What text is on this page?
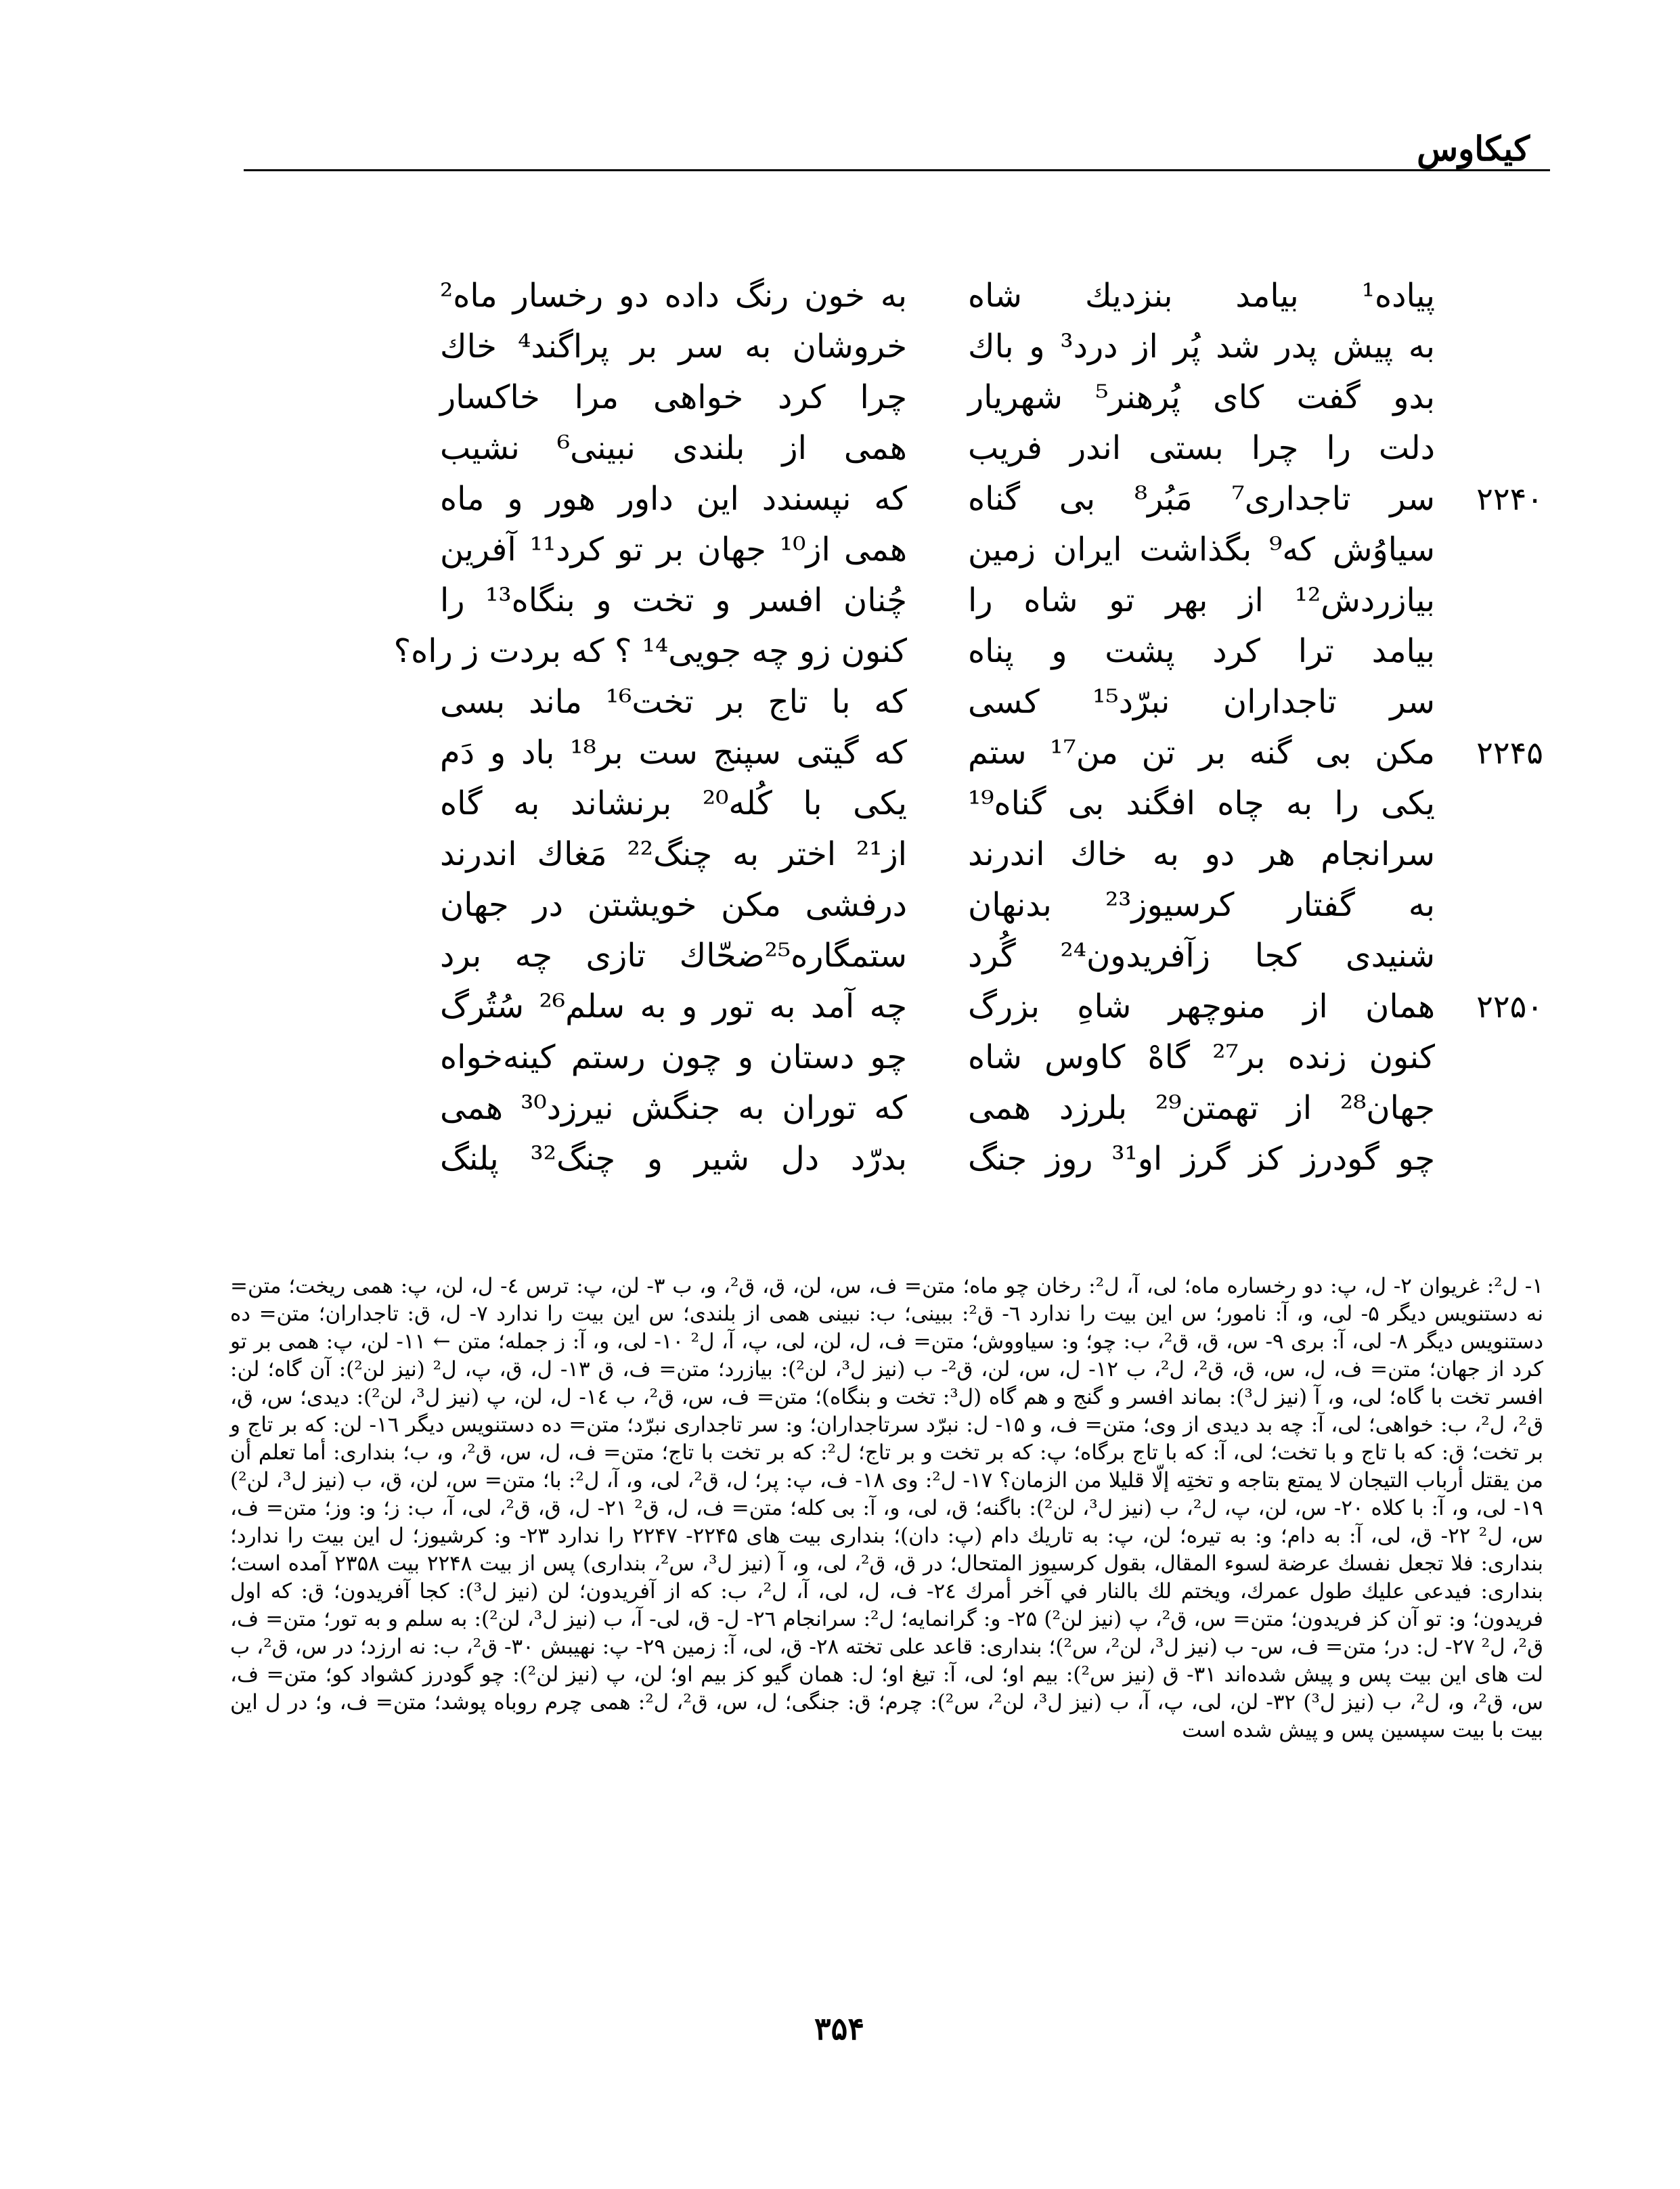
کیکاوس
پیاده¹ بیامد بنزدیك شاه
به خون رنگ داده دو رخسار ماه²
به پیش پدر شد پُر از درد³ و باك
خروشان به سر بر پراگند⁴ خاك
بدو گفت کای پُرهنر⁵ شهریار
چرا کرد خواهی مرا خاکسار
دلت را چرا بستی اندر فریب
همی از بلندی نبینی⁶ نشیب
۲۲۴۰
سر تاجداری⁷ مَبُر⁸ بی گناه
که نپسندد این داور هور و ماه
سیاوُش که⁹ بگذاشت ایران زمین
همی از¹⁰ جهان بر تو کرد¹¹ آفرین
بیازردش¹² از بهر تو شاه را
چُنان افسر و تخت و بنگاه¹³ را
بیامد ترا کرد پشت و پناه
کنون زو چه جویی¹⁴ ؟ که بردت ز راه؟
سر تاجداران نبرّد¹⁵ کسی
که با تاج بر تخت¹⁶ ماند بسی
۲۲۴۵
مکن بی گنه بر تن من¹⁷ ستم
که گیتی سپنج ست بر¹⁸ باد و دَم
یکی را به چاه افگند بی گناه¹⁹
یکی با کُله²⁰ برنشاند به گاه
سرانجام هر دو به خاك اندرند
از²¹ اختر به چنگ²² مَغاك اندرند
به گفتار کرسیوز²³ بدنهان
درفشی مکن خویشتن در جهان
شنیدی کجا زآفریدون²⁴ گُرد
ستمگاره²⁵ضحّاك تازی چه برد
۲۲۵۰
همان از منوچهر شاهِ بزرگ
چه آمد به تور و به سلم²⁶ سُتُرگ
کنون زنده بر²⁷ گاهْ کاوس شاه
چو دستان و چون رستم کینه‌خواه
جهان²⁸ از تهمتن²⁹ بلرزد همی
که توران به جنگش نیرزد³⁰ همی
چو گودرز کز گرز او³¹ روز جنگ
بدرّد دل شیر و چنگ³² پلنگ
۱- ل²: غریوان ۲- ل، پ: دو رخساره ماه؛ لی، آ، ل²: رخان چو ماه؛ متن= ف، س، لن، ق، ق²، و، ب ۳- لن، پ: ترس ٤- ل، لن، پ: همی ریخت؛ متن= نه دستنویس دیگر ۵- لی، و، آ: نامور؛ س این بیت را ندارد ٦- ق²: ببینی؛ ب: نبینی همی از بلندی؛ س این بیت را ندارد ۷- ل، ق: تاجداران؛ متن= ده دستنویس دیگر ۸- لی، آ: بری ۹- س، ق، ق²، ب: چو؛ و: سیاووش؛ متن= ف، ل، لن، لی، پ، آ، ل² ۱۰- لی، و، آ: ز جمله؛ متن ← ۱۱- لن، پ: همی بر تو کرد از جهان؛ متن= ف، ل، س، ق، ق²، ل²، ب ۱۲- ل، س، لن، ق²- ب (نیز ل³، لن²): بیازرد؛ متن= ف، ق ۱۳- ل، ق، پ، ل² (نیز لن²): آن گاه؛ لن: افسر تخت با گاه؛ لی، و، آ (نیز ل³): بماند افسر و گنج و هم گاه (ل³: تخت و بنگاه)؛ متن= ف، س، ق²، ب ١٤- ل، لن، پ (نیز ل³، لن²): دیدی؛ س، ق، ق²، ل²، ب: خواهی؛ لی، آ: چه بد دیدی از وی؛ متن= ف، و ۱۵- ل: نبرّد سرتاجداران؛ و: سر تاجداری نبرّد؛ متن= ده دستنویس دیگر ١٦- لن: که بر تاج و بر تخت؛ ق: که با تاج و با تخت؛ لی، آ: که با تاج برگاه؛ پ: که بر تخت و بر تاج؛ ل²: که بر تخت با تاج؛ متن= ف، ل، س، ق²، و، ب؛ بنداری: أما تعلم أن من يقتل أرباب التيجان لا يمتع بتاجه و تختِه إلّا قليلا من الزمان؟ ۱۷- ل²: وی ۱۸- ف، پ: پر؛ ل، ق²، لی، و، آ، ل²: با؛ متن= س، لن، ق، ب (نیز ل³، لن²) ۱۹- لی، و، آ: با کلاه ۲۰- س، لن، پ، ل²، ب (نیز ل³، لن²): باگنه؛ ق، لی، و، آ: بی کله؛ متن= ف، ل، ق² ۲۱- ل، ق، ق²، لی، آ، ب: ز؛ و: وز؛ متن= ف، س، ل² ۲۲- ق، لی، آ: به دام؛ و: به تیره؛ لن، پ: به تاریك دام (پ: دان)؛ بنداری بیت های ۲۲۴۵- ۲۲۴۷ را ندارد ۲۳- و: کرشیوز؛ ل این بیت را ندارد؛ بنداری: فلا تجعل نفسك عرضة لسوء المقال، بقول كرسيوز المتحال؛ در ق، ق²، لی، و، آ (نیز ل³، س²، بنداری) پس از بیت ۲۲۴۸ بیت ۲۳۵۸ آمده است؛ بنداری: فيدعى عليك طول عمرك، ويختم لك بالنار في آخر أمرك ۲٤- ف، ل، لی، آ، ل²، ب: که از آفریدون؛ لن (نیز ل³): کجا آفریدون؛ ق: که اول فریدون؛ و: تو آن کز فریدون؛ متن= س، ق²، پ (نیز لن²) ۲۵- و: گرانمایه؛ ل²: سرانجام ۲٦- ل- ق، لی- آ، ب (نیز ل³، لن²): به سلم و به تور؛ متن= ف، ق²، ل² ۲۷- ل: در؛ متن= ف، س- ب (نیز ل³، لن²، س²)؛ بنداری: قاعد على تخته ۲۸- ق، لی، آ: زمین ۲۹- پ: نهیبش ۳۰- ق²، ب: نه ارزد؛ در س، ق²، ب لت های این بیت پس و پیش شده‌اند ۳۱- ق (نیز س²): بیم او؛ لی، آ: تیغ او؛ ل: همان گیو کز بیم او؛ لن، پ (نیز لن²): چو گودرز کشواد کو؛ متن= ف، س، ق²، و، ل²، ب (نیز ل³) ۳۲- لن، لی، پ، آ، ب (نیز ل³، لن²، س²): چرم؛ ق: جنگی؛ ل، س، ق²، ل²: همی چرم روباه پوشد؛ متن= ف، و؛ در ل این بیت با بیت سپسین پس و پیش شده است
۳۵۴
